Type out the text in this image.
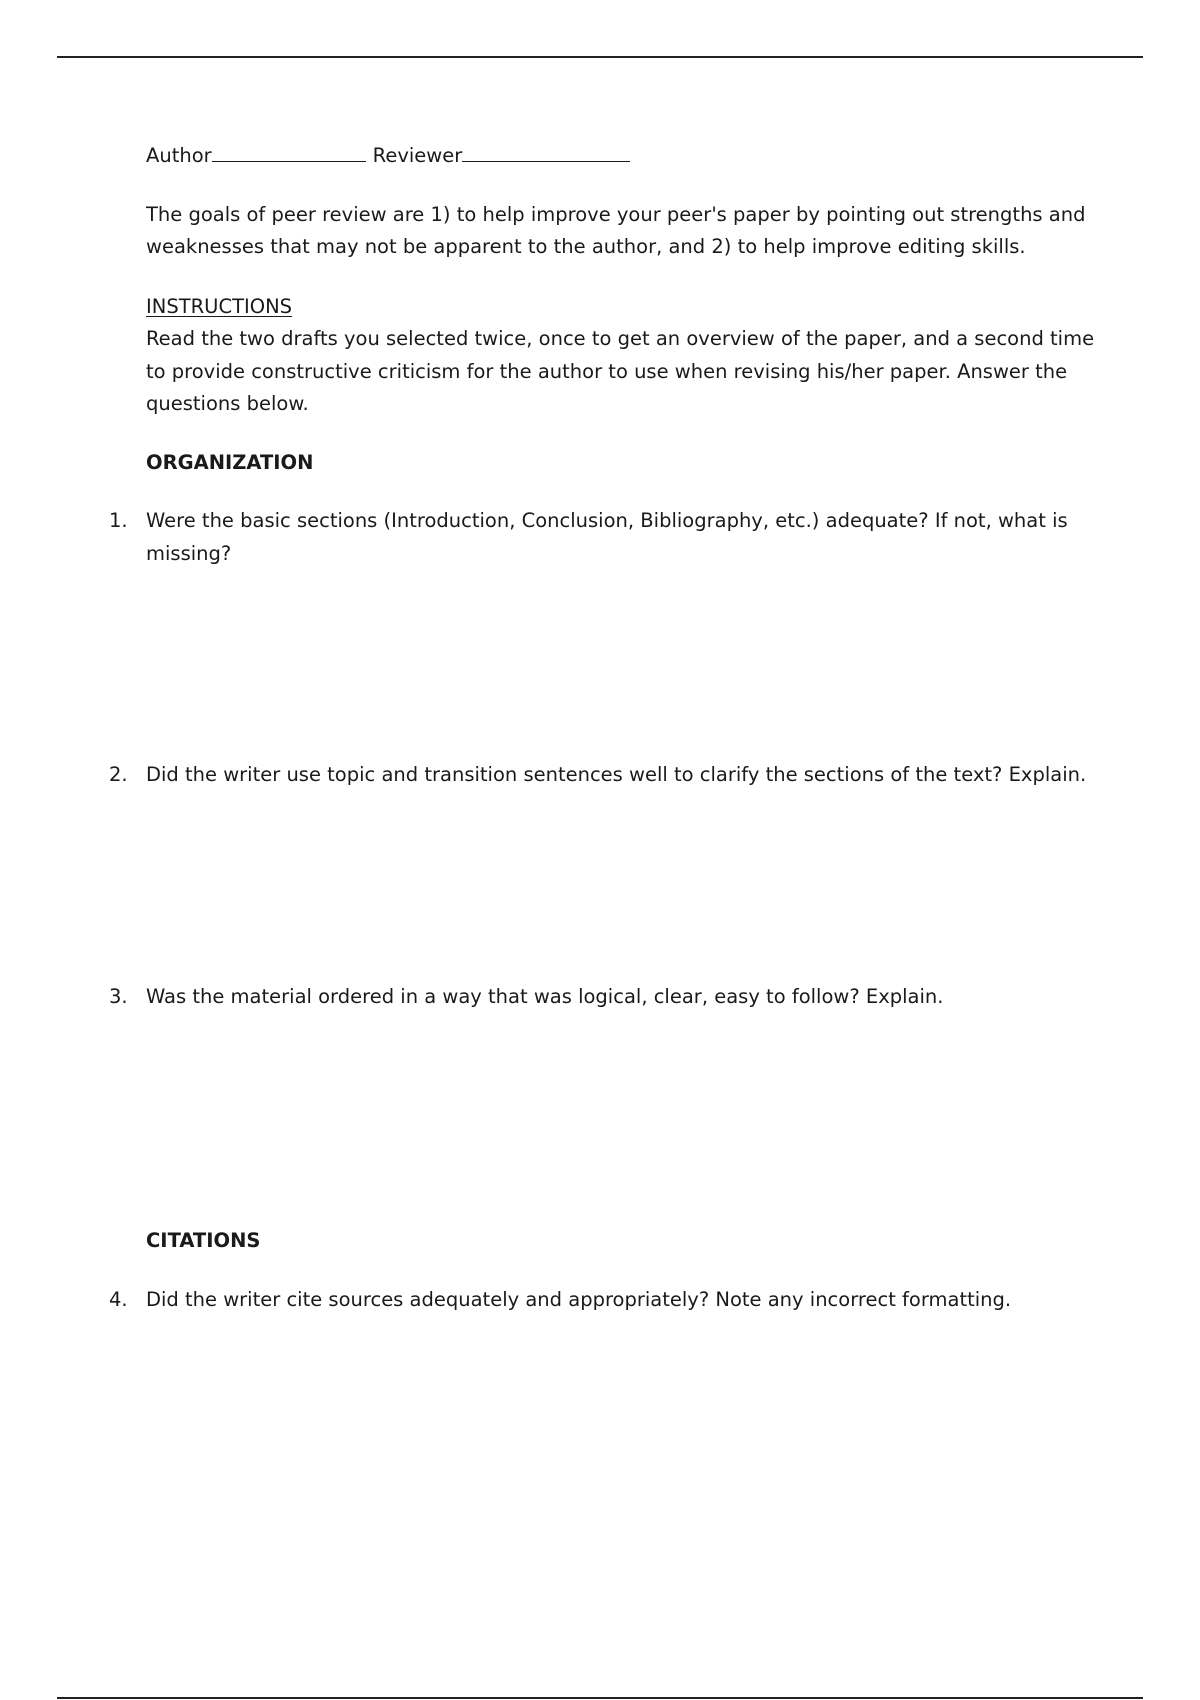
Author	Reviewer

The goals of peer review are 1) to help improve your peer's paper by pointing out strengths and weaknesses that may not be apparent to the author, and 2) to help improve editing skills.

INSTRUCTIONS

Read the two drafts you selected twice, once to get an overview of the paper, and a second time to provide constructive criticism for the author to use when revising his/her paper. Answer the questions below.

ORGANIZATION

1. Were the basic sections (Introduction, Conclusion, Bibliography, etc.) adequate? If not, what is missing?
2. Did the writer use topic and transition sentences well to clarify the sections of the text? Explain.
3. Was the material ordered in a way that was logical, clear, easy to follow? Explain.

CITATIONS

4. Did the writer cite sources adequately and appropriately? Note any incorrect formatting.
